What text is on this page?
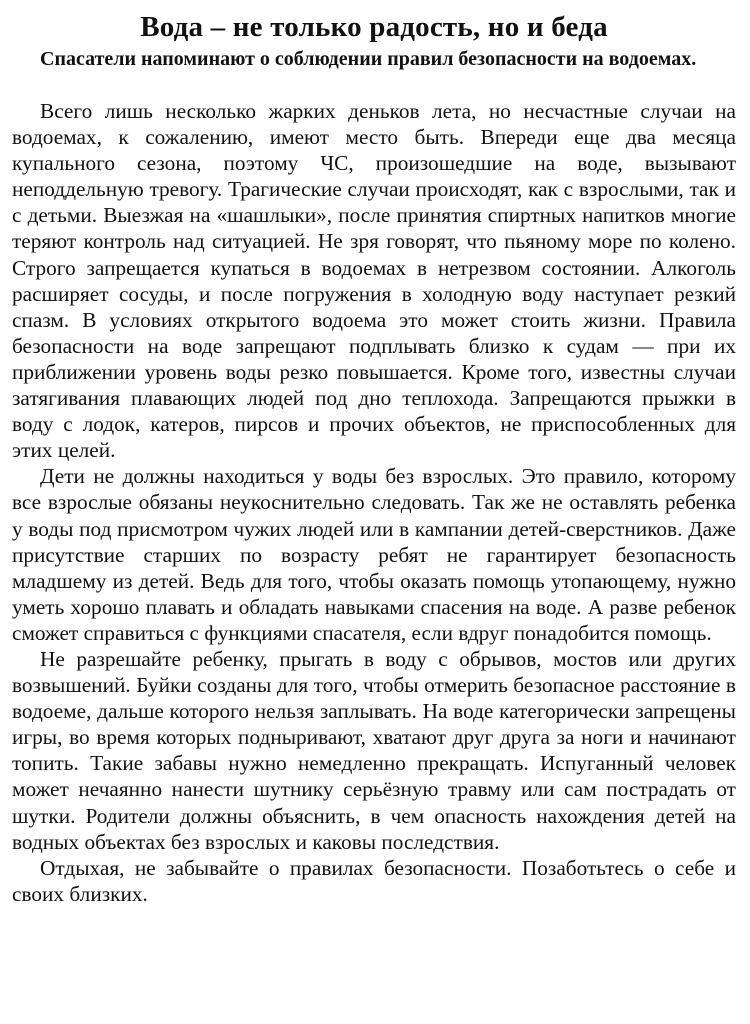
Вода – не только радость, но и беда

Спасатели напоминают о соблюдении правил безопасности на водоемах.

Всего лишь несколько жарких деньков лета, но несчастные случаи на водоемах, к сожалению, имеют место быть. Впереди еще два месяца купального сезона, поэтому ЧС, произошедшие на воде, вызывают неподдельную тревогу. Трагические случаи происходят, как с взрослыми, так и с детьми. Выезжая на «шашлыки», после принятия спиртных напитков многие теряют контроль над ситуацией. Не зря говорят, что пьяному море по колено. Строго запрещается купаться в водоемах в нетрезвом состоянии. Алкоголь расширяет сосуды, и после погружения в холодную воду наступает резкий спазм. В условиях открытого водоема это может стоить жизни. Правила безопасности на воде запрещают подплывать близко к судам — при их приближении уровень воды резко повышается. Кроме того, известны случаи затягивания плавающих людей под дно теплохода. Запрещаются прыжки в воду с лодок, катеров, пирсов и прочих объектов, не приспособленных для этих целей.

Дети не должны находиться у воды без взрослых. Это правило, которому все взрослые обязаны неукоснительно следовать. Так же не оставлять ребенка у воды под присмотром чужих людей или в кампании детей-сверстников. Даже присутствие старших по возрасту ребят не гарантирует безопасность младшему из детей. Ведь для того, чтобы оказать помощь утопающему, нужно уметь хорошо плавать и обладать навыками спасения на воде. А разве ребенок сможет справиться с функциями спасателя, если вдруг понадобится помощь.

Не разрешайте ребенку, прыгать в воду с обрывов, мостов или других возвышений. Буйки созданы для того, чтобы отмерить безопасное расстояние в водоеме, дальше которого нельзя заплывать. На воде категорически запрещены игры, во время которых подныривают, хватают друг друга за ноги и начинают топить. Такие забавы нужно немедленно прекращать. Испуганный человек может нечаянно нанести шутнику серьёзную травму или сам пострадать от шутки. Родители должны объяснить, в чем опасность нахождения детей на водных объектах без взрослых и каковы последствия.

Отдыхая, не забывайте о правилах безопасности. Позаботьтесь о себе и своих близких.
